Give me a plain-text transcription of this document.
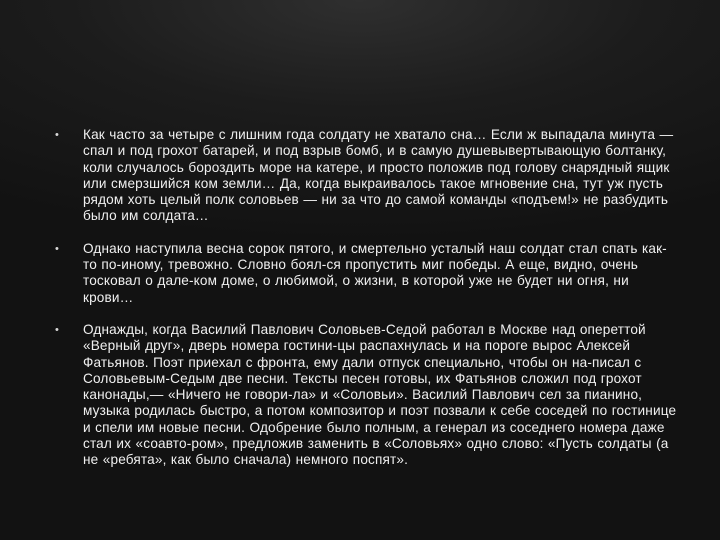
• Как часто за четыре с лишним года солдату не хватало сна… Если ж выпадала минута — спал и под грохот батарей, и под взрыв бомб, и в самую душевывертывающую болтанку, коли случалось бороздить море на катере, и просто положив под голову снарядный ящик или смерзшийся ком земли… Да, когда выкраивалось такое мгновение сна, тут уж пусть рядом хоть целый полк соловьев — ни за что до самой команды «подъем!» не разбудить было им солдата…
• Однако наступила весна сорок пятого, и смертельно усталый наш солдат стал спать как-то по-иному, тревожно. Словно боял-ся пропустить миг победы. А еще, видно, очень тосковал о дале-ком доме, о любимой, о жизни, в которой уже не будет ни огня, ни крови…
• Однажды, когда Василий Павлович Соловьев-Седой работал в Москве над опереттой «Верный друг», дверь номера гостини-цы распахнулась и на пороге вырос Алексей Фатьянов. Поэт приехал с фронта, ему дали отпуск специально, чтобы он на-писал с Соловьевым-Седым две песни. Тексты песен готовы, их Фатьянов сложил под грохот канонады,— «Ничего не говори-ла» и «Соловьи». Василий Павлович сел за пианино, музыка родилась быстро, а потом композитор и поэт позвали к себе соседей по гостинице и спели им новые песни. Одобрение было полным, а генерал из соседнего номера даже стал их «соавто-ром», предложив заменить в «Соловьях» одно слово: «Пусть солдаты (а не «ребята», как было сначала) немного поспят».
